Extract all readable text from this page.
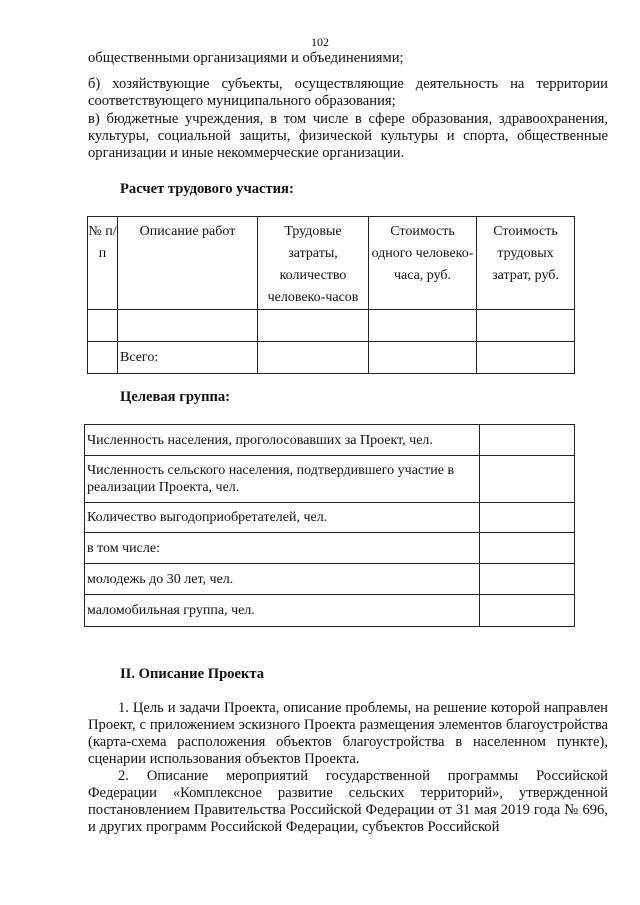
102

общественными организациями и объединениями;

б) хозяйствующие субъекты, осуществляющие деятельность на территории соответствующего муниципального образования;

в) бюджетные учреждения, в том числе в сфере образования, здравоохранения, культуры, социальной защиты, физической культуры и спорта, общественные организации и иные некоммерческие организации.

Расчет трудового участия:

№ п/п	Описание работ	Трудовые затраты, количество человеко-часов	Стоимость одного человеко-часа, руб.	Стоимость трудовых затрат, руб.

	Всего:			

Целевая группа:

Численность населения, проголосовавших за Проект, чел.	
Численность сельского населения, подтвердившего участие в реализации Проекта, чел.	
Количество выгодоприобретателей, чел.	
в том числе:	
молодежь до 30 лет, чел.	
маломобильная группа, чел.	

II. Описание Проекта

1. Цель и задачи Проекта, описание проблемы, на решение которой направлен Проект, с приложением эскизного Проекта размещения элементов благоустройства (карта-схема расположения объектов благоустройства в населенном пункте), сценарии использования объектов Проекта.

2. Описание мероприятий государственной программы Российской Федерации «Комплексное развитие сельских территорий», утвержденной постановлением Правительства Российской Федерации от 31 мая 2019 года № 696, и других программ Российской Федерации, субъектов Российской
